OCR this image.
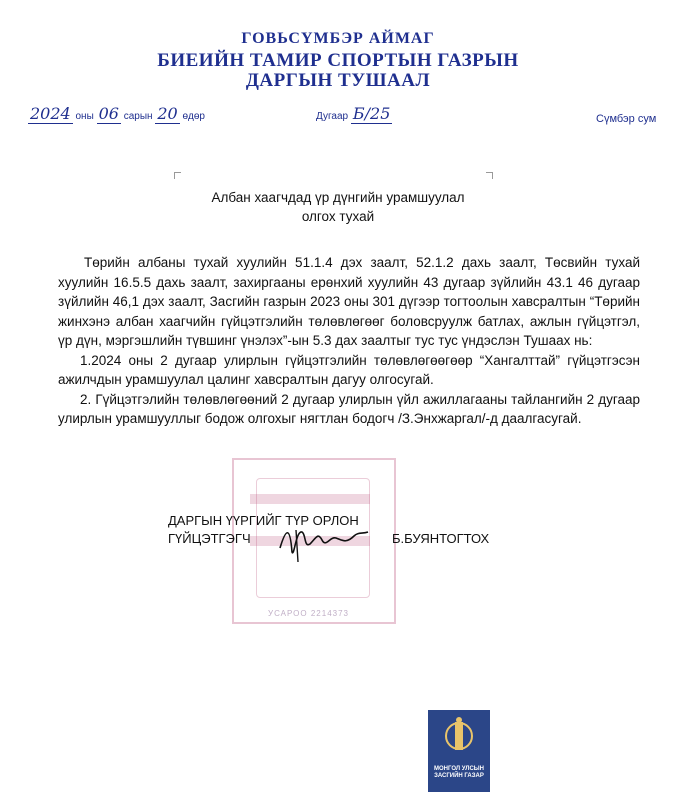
ГОВЬСҮМБЭР АЙМАГ
БИЕИЙН ТАМИР СПОРТЫН ГАЗРЫН
ДАРГЫН ТУШААЛ
2024 оны 06 сарын 20 өдөр	Дугаар Б/25	Сүмбэр сум
Албан хаагчдад үр дүнгийн урамшуулал
олгох тухай

Төрийн албаны тухай хуулийн 51.1.4 дэх заалт, 52.1.2 дахь заалт, Төсвийн тухай хуулийн 16.5.5 дахь заалт, захиргааны ерөнхий хуулийн 43 дугаар зүйлийн 43.1 46 дугаар зүйлийн 46,1 дэх заалт, Засгийн газрын 2023 оны 301 дүгээр тогтоолын хавсралтын “Төрийн жинхэнэ албан хаагчийн гүйцэтгэлийн төлөвлөгөөг боловсруулж батлах, ажлын гүйцэтгэл, үр дүн, мэргэшлийн түвшинг үнэлэх”-ын 5.3 дах заалтыг тус тус үндэслэн Тушаах нь:

1.2024 оны 2 дугаар улирлын гүйцэтгэлийн төлөвлөгөөгөөр “Хангалттай” гүйцэтгэсэн ажилчдын урамшуулал цалинг хавсралтын дагуу олгосугай.

2. Гүйцэтгэлийн төлөвлөгөөний 2 дугаар улирлын үйл ажиллагааны тайлангийн 2 дугаар улирлын урамшууллыг бодож олгохыг нягтлан бодогч /З.Энхжаргал/-д даалгасугай.

УСАРОО 2214373
ДАРГЫН ҮҮРГИЙГ ТҮР ОРЛОН
ГҮЙЦЭТГЭГЧ	Б.БУЯНТОГТОХ
МОНГОЛ УЛСЫН
ЗАСГИЙН ГАЗАР
